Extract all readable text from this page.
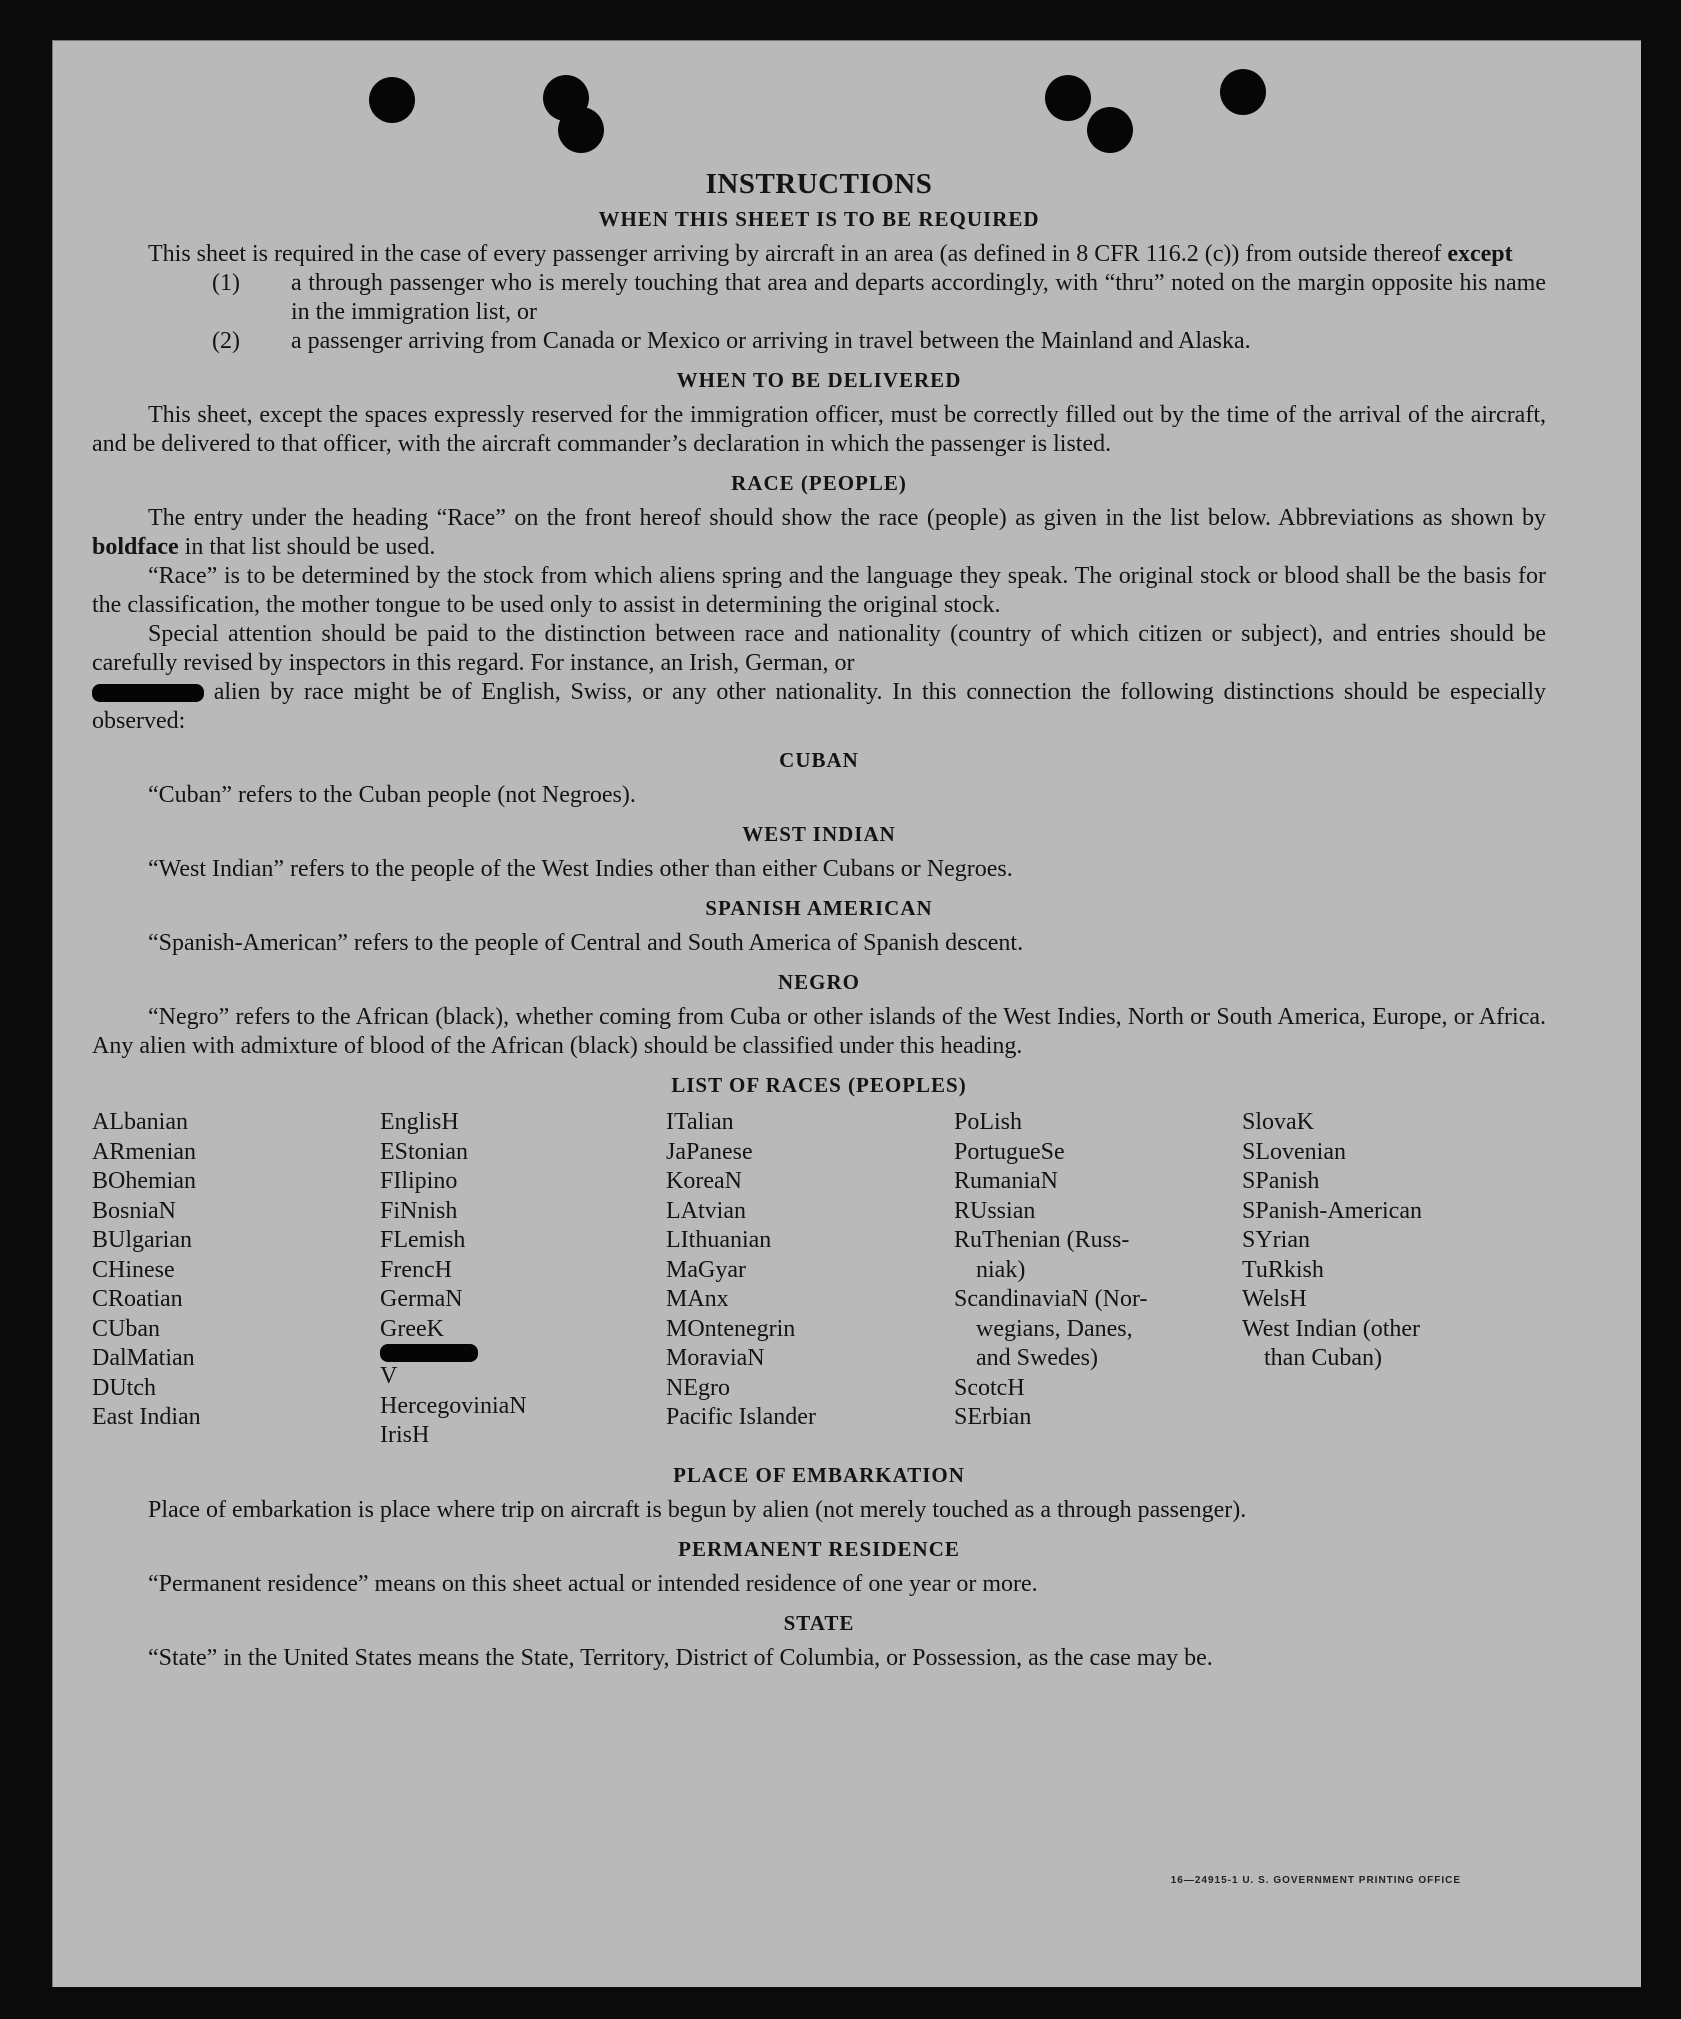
INSTRUCTIONS
WHEN THIS SHEET IS TO BE REQUIRED

This sheet is required in the case of every passenger arriving by aircraft in an area (as defined in 8 CFR 116.2 (c)) from outside thereof except

(1) a through passenger who is merely touching that area and departs accordingly, with “thru” noted on the margin opposite his name in the immigration list, or
(2) a passenger arriving from Canada or Mexico or arriving in travel between the Mainland and Alaska.
WHEN TO BE DELIVERED

This sheet, except the spaces expressly reserved for the immigration officer, must be correctly filled out by the time of the arrival of the aircraft, and be delivered to that officer, with the aircraft commander’s declaration in which the passenger is listed.

RACE (PEOPLE)

The entry under the heading “Race” on the front hereof should show the race (people) as given in the list below. Abbreviations as shown by boldface in that list should be used.

“Race” is to be determined by the stock from which aliens spring and the language they speak. The original stock or blood shall be the basis for the classification, the mother tongue to be used only to assist in determining the original stock.

Special attention should be paid to the distinction between race and nationality (country of which citizen or subject), and entries should be carefully revised by inspectors in this regard. For instance, an Irish, German, or

alien by race might be of English, Swiss, or any other nationality. In this connection the following distinctions should be especially observed:

CUBAN

“Cuban” refers to the Cuban people (not Negroes).

WEST INDIAN

“West Indian” refers to the people of the West Indies other than either Cubans or Negroes.

SPANISH AMERICAN

“Spanish-American” refers to the people of Central and South America of Spanish descent.

NEGRO

“Negro” refers to the African (black), whether coming from Cuba or other islands of the West Indies, North or South America, Europe, or Africa. Any alien with admixture of blood of the African (black) should be classified under this heading.

LIST OF RACES (PEOPLES)
ALbanian
ARmenian
BOhemian
BosniaN
BUlgarian
CHinese
CRoatian
CUban
DalMatian
DUtch
East Indian
EnglisH
EStonian
FIlipino
FiNnish
FLemish
FrencH
GermaN
GreeK
V
HercegoviniaN
IrisH
ITalian
JaPanese
KoreaN
LAtvian
LIthuanian
MaGyar
MAnx
MOntenegrin
MoraviaN
NEgro
Pacific Islander
PoLish
PortugueSe
RumaniaN
RUssian
RuThenian (Russ-
niak)
ScandinaviaN (Nor-
wegians, Danes,
and Swedes)
ScotcH
SErbian
SlovaK
SLovenian
SPanish
SPanish-American
SYrian
TuRkish
WelsH
West Indian (other
than Cuban)
PLACE OF EMBARKATION

Place of embarkation is place where trip on aircraft is begun by alien (not merely touched as a through passenger).

PERMANENT RESIDENCE

“Permanent residence” means on this sheet actual or intended residence of one year or more.

STATE

“State” in the United States means the State, Territory, District of Columbia, or Possession, as the case may be.

16—24915-1 U. S. GOVERNMENT PRINTING OFFICE
